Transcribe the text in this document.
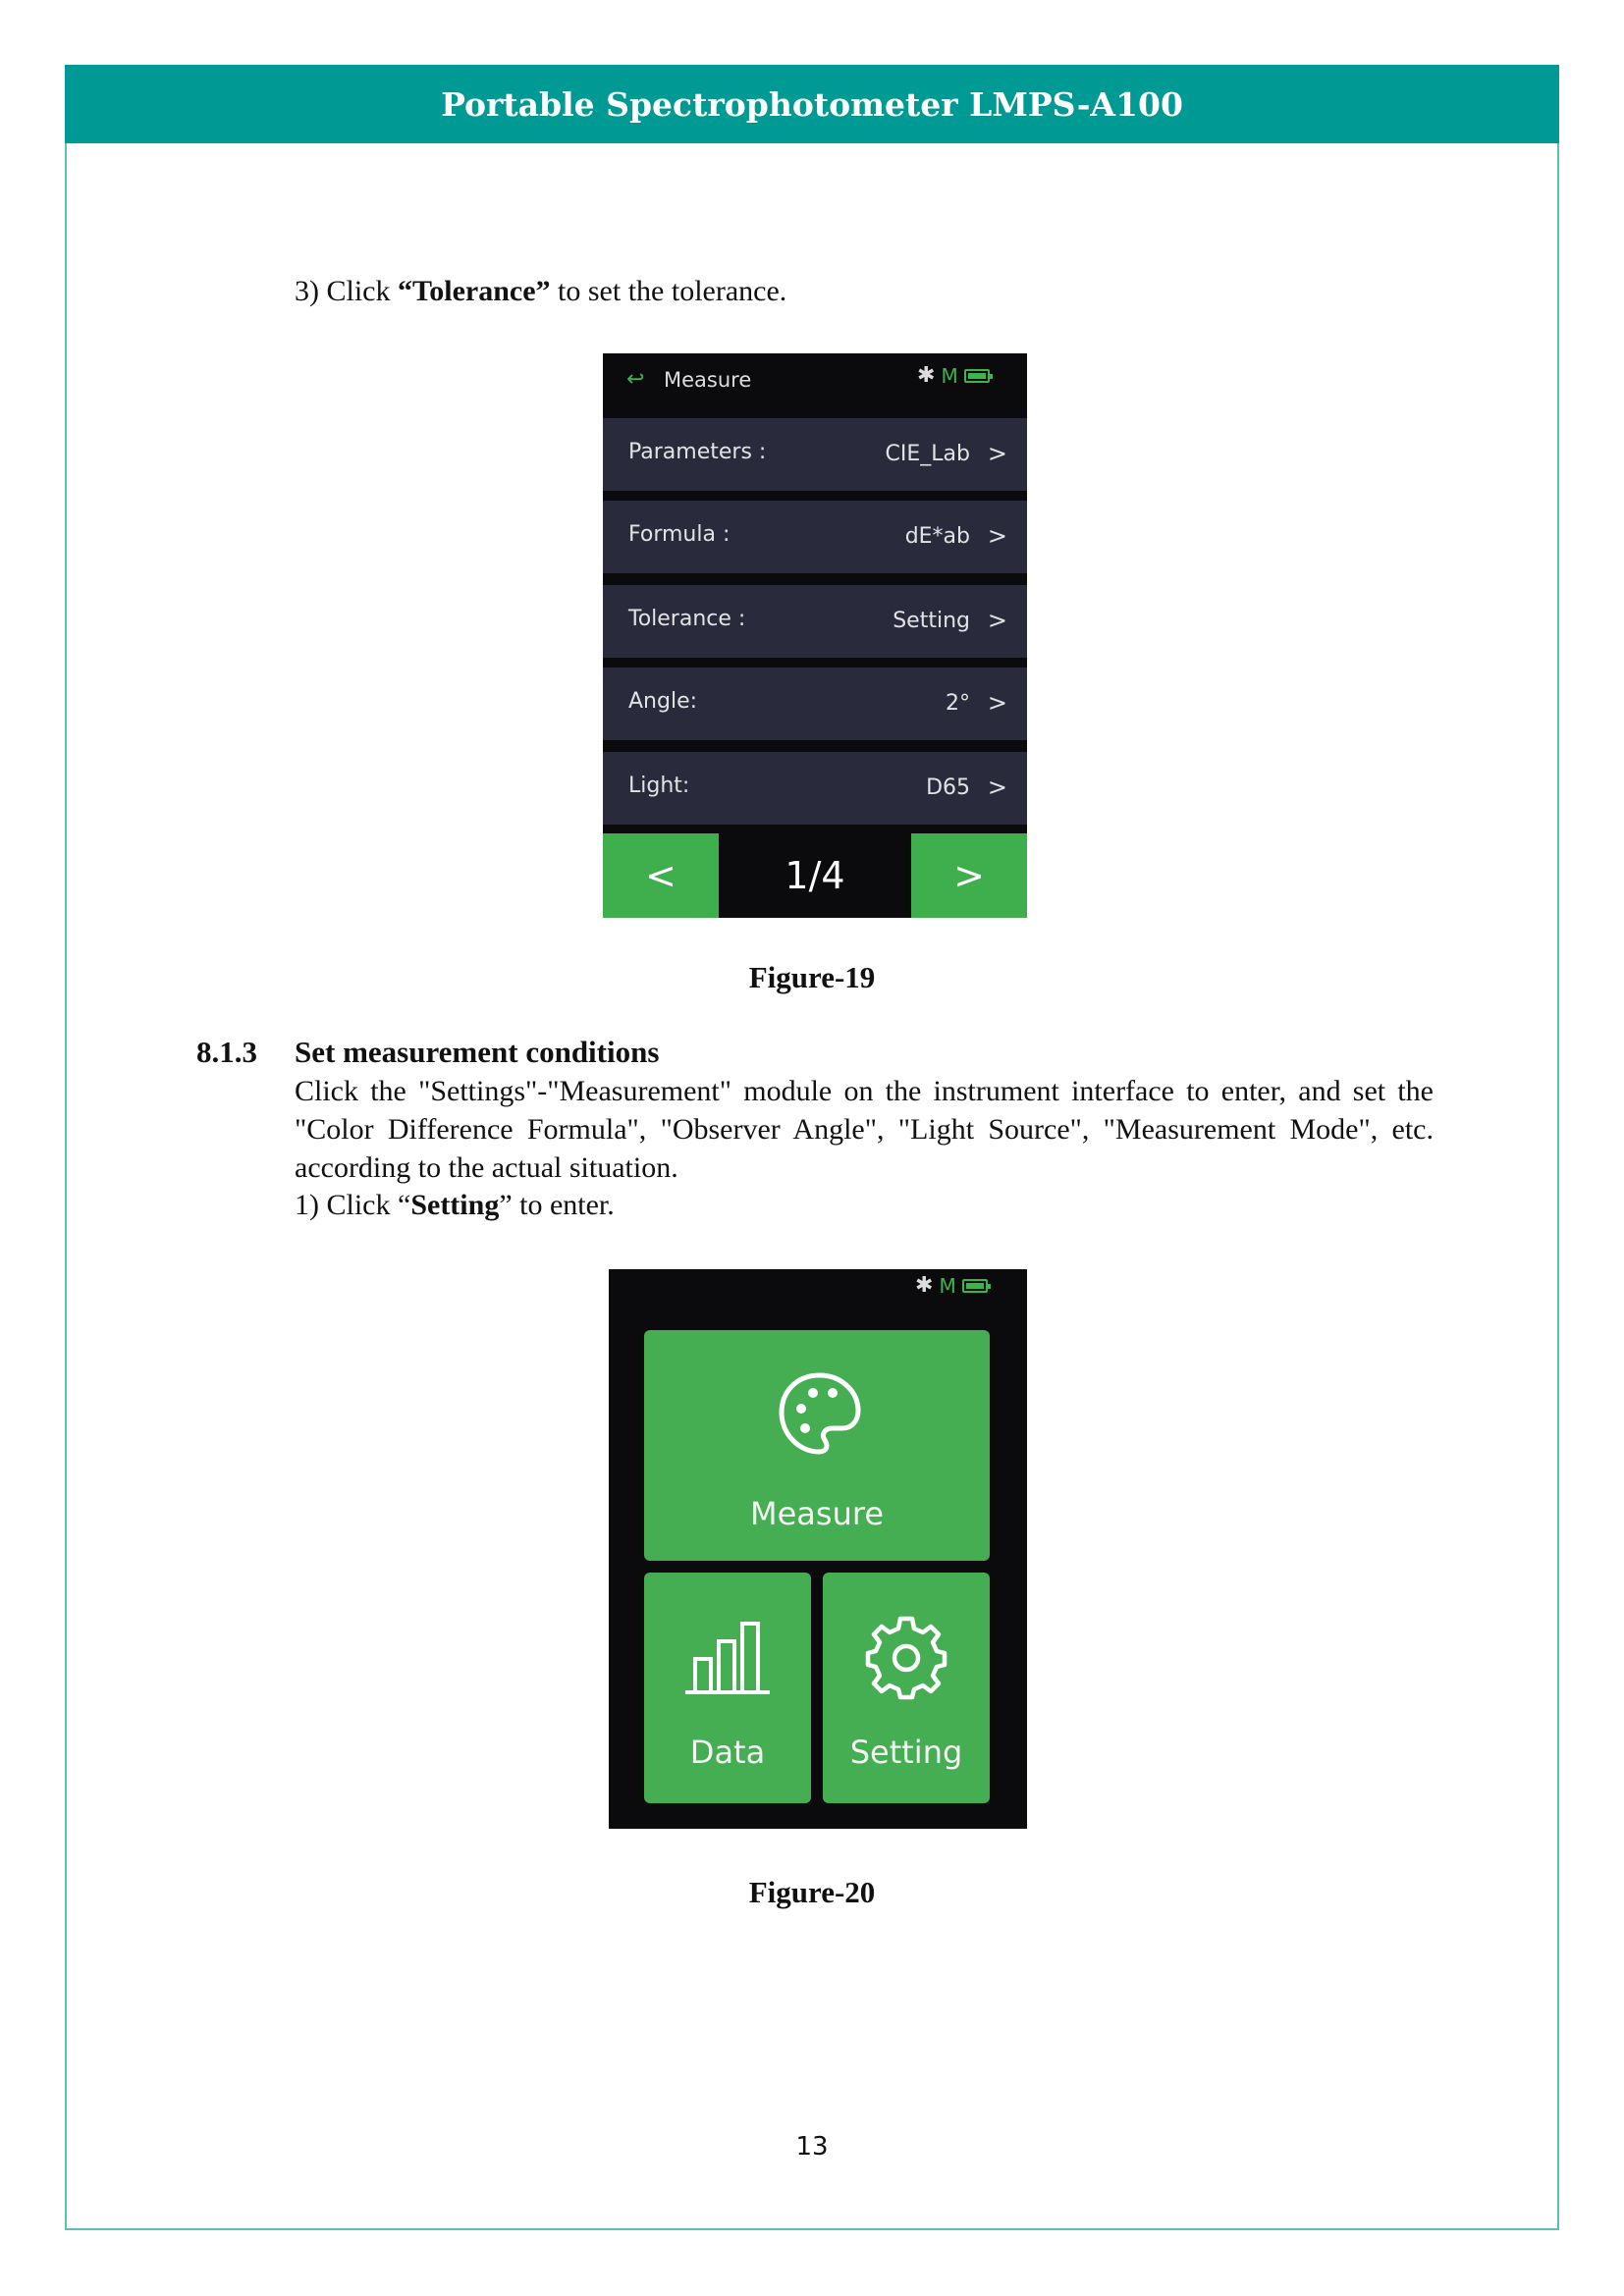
Portable Spectrophotometer LMPS-A100
3) Click “Tolerance” to set the tolerance.
↩ Measure	✱ M
Parameters :	CIE_Lab >
Formula :	dE*ab >
Tolerance :	Setting >
Angle:	2° >
Light:	D65 >
<	1/4	>
Figure-19
8.1.3 Set measurement conditions
Click the "Settings"-"Measurement" module on the instrument interface to enter, and set the "Color Difference Formula", "Observer Angle", "Light Source", "Measurement Mode", etc. according to the actual situation.
1) Click “Setting” to enter.
✱ M
Measure
Data	Setting
Figure-20
13
